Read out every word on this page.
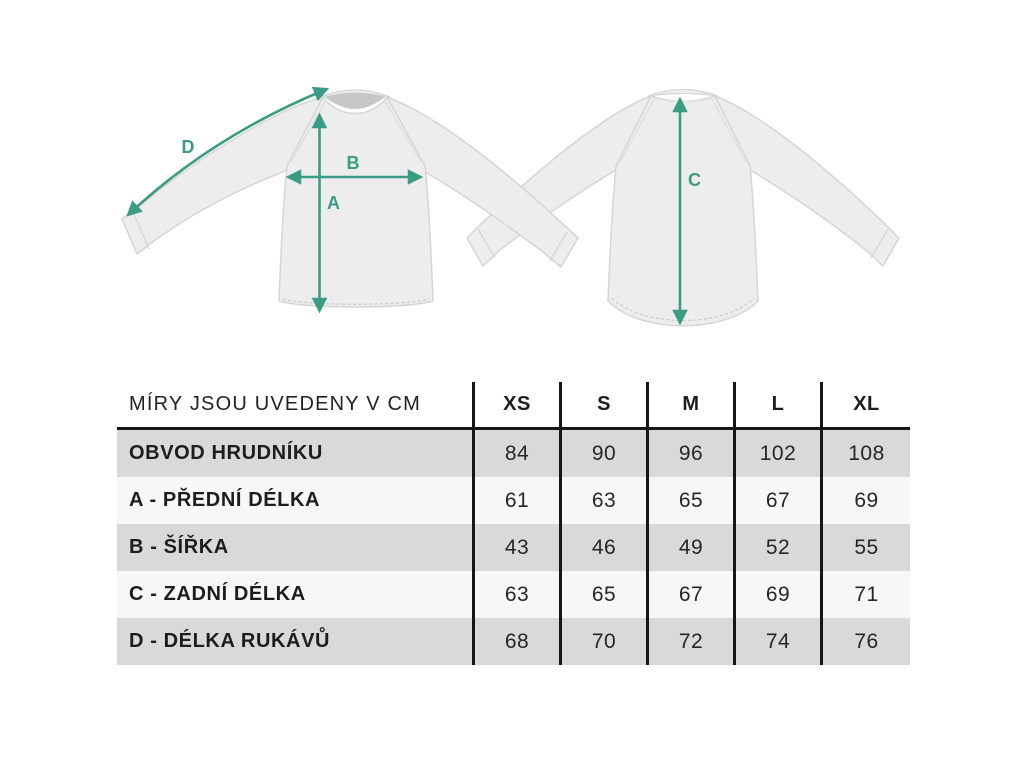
D
B
A
C
MÍRY JSOU UVEDENY V CM	XS	S	M	L	XL
OBVOD HRUDNÍKU	84	90	96	102	108
A - PŘEDNÍ DÉLKA	61	63	65	67	69
B - ŠÍŘKA	43	46	49	52	55
C - ZADNÍ DÉLKA	63	65	67	69	71
D - DÉLKA RUKÁVŮ	68	70	72	74	76
